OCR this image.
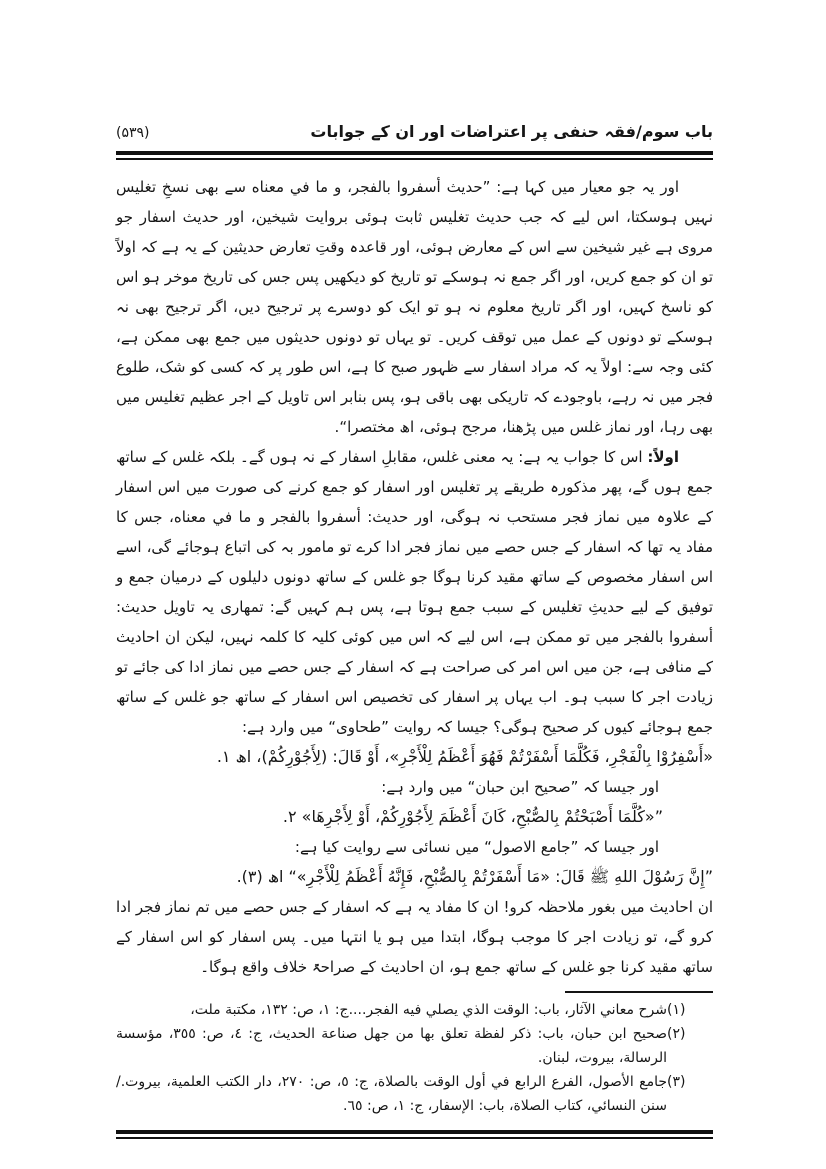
باب سوم/فقہ حنفی پر اعتراضات اور ان کے جوابات
(۵۳۹)

اور یہ جو معیار میں کہا ہے: ”حدیث أسفروا بالفجر، و ما في معناه سے بھی نسخِ تغلیس نہیں ہوسکتا، اس لیے کہ جب حدیث تغلیس ثابت ہوئی بروایت شیخین، اور حدیث اسفار جو مروی ہے غیر شیخین سے اس کے معارض ہوئی، اور قاعدہ وقتِ تعارض حدیثین کے یہ ہے کہ اولاً تو ان کو جمع کریں، اور اگر جمع نہ ہوسکے تو تاریخ کو دیکھیں پس جس کی تاریخ موخر ہو اس کو ناسخ کہیں، اور اگر تاریخ معلوم نہ ہو تو ایک کو دوسرے پر ترجیح دیں، اگر ترجیح بھی نہ ہوسکے تو دونوں کے عمل میں توقف کریں۔ تو یہاں تو دونوں حدیثوں میں جمع بھی ممکن ہے، کئی وجہ سے: اولاً یہ کہ مراد اسفار سے ظہور صبح کا ہے، اس طور پر کہ کسی کو شک، طلوع فجر میں نہ رہے، باوجودے کہ تاریکی بھی باقی ہو، پس بنابر اس تاویل کے اجر عظیم تغلیس میں بھی رہا، اور نماز غلس میں پڑھنا، مرجح ہوئی، اھ مختصرا“.

اولاً: اس کا جواب یہ ہے: یہ معنی غلس، مقابلِ اسفار کے نہ ہوں گے۔ بلکہ غلس کے ساتھ جمع ہوں گے، پھر مذکورہ طریقے پر تغلیس اور اسفار کو جمع کرنے کی صورت میں اس اسفار کے علاوہ میں نماز فجر مستحب نہ ہوگی، اور حدیث: أسفروا بالفجر و ما في معناه، جس کا مفاد یہ تھا کہ اسفار کے جس حصے میں نماز فجر ادا کرے تو مامور بہ کی اتباع ہوجائے گی، اسے اس اسفار مخصوص کے ساتھ مقید کرنا ہوگا جو غلس کے ساتھ دونوں دلیلوں کے درمیان جمع و توفیق کے لیے حدیثِ تغلیس کے سبب جمع ہوتا ہے، پس ہم کہیں گے: تمھاری یہ تاویل حدیث: أسفروا بالفجر میں تو ممکن ہے، اس لیے کہ اس میں کوئی کلیہ کا کلمہ نہیں، لیکن ان احادیث کے منافی ہے، جن میں اس امر کی صراحت ہے کہ اسفار کے جس حصے میں نماز ادا کی جائے تو زیادت اجر کا سبب ہو۔ اب یہاں پر اسفار کی تخصیص اس اسفار کے ساتھ جو غلس کے ساتھ جمع ہوجائے کیوں کر صحیح ہوگی؟ جیسا کہ روایت ”طحاوی“ میں وارد ہے:

«أَسْفِرُوْا بِالْفَجْرِ، فَكُلَّمَا أَسْفَرْتُمْ فَهُوَ أَعْظَمُ لِلْأَجْرِ»، أَوْ قَالَ: (لِأَجُوْرِكُمْ)، اھ ۱.

اور جیسا کہ ”صحیح ابن حبان“ میں وارد ہے:

”«كُلَّمَا أَصْبَحْتُمْ بِالصُّبْحِ، كَانَ أَعْظَمَ لِأَجُوْرِكُمْ، أَوْ لِأَجْرِهَا» ۲.

اور جیسا کہ ”جامع الاصول“ میں نسائی سے روایت کیا ہے:

”إِنَّ رَسُوْلَ اللهِ ﷺ قَالَ: «مَا أَسْفَرْتُمْ بِالصُّبْحِ، فَإِنَّهُ أَعْظَمُ لِلْأَجْرِ»“ اھ (۳).

ان احادیث میں بغور ملاحظہ کرو! ان کا مفاد یہ ہے کہ اسفار کے جس حصے میں تم نماز فجر ادا کرو گے، تو زیادت اجر کا موجب ہوگا، ابتدا میں ہو یا انتہا میں۔ پس اسفار کو اس اسفار کے ساتھ مقید کرنا جو غلس کے ساتھ جمع ہو، ان احادیث کے صراحۃً خلاف واقع ہوگا۔

(۱)
شرح معاني الآثار، باب: الوقت الذي يصلي فيه الفجر....ج: ١، ص: ١٣٢، مكتبة ملت،
(۲)
صحيح ابن حبان، باب: ذكر لفظة تعلق بها من جهل صناعة الحديث، ج: ٤، ص: ٣٥٥، مؤسسة الرسالة، بيروت، لبنان.
(۳)
جامع الأصول، الفرع الرابع في أول الوقت بالصلاة، ج: ٥، ص: ٢٧٠، دار الكتب العلمية، بيروت./ سنن النسائي، كتاب الصلاة، باب: الإسفار، ج: ١، ص: ٦٥.
